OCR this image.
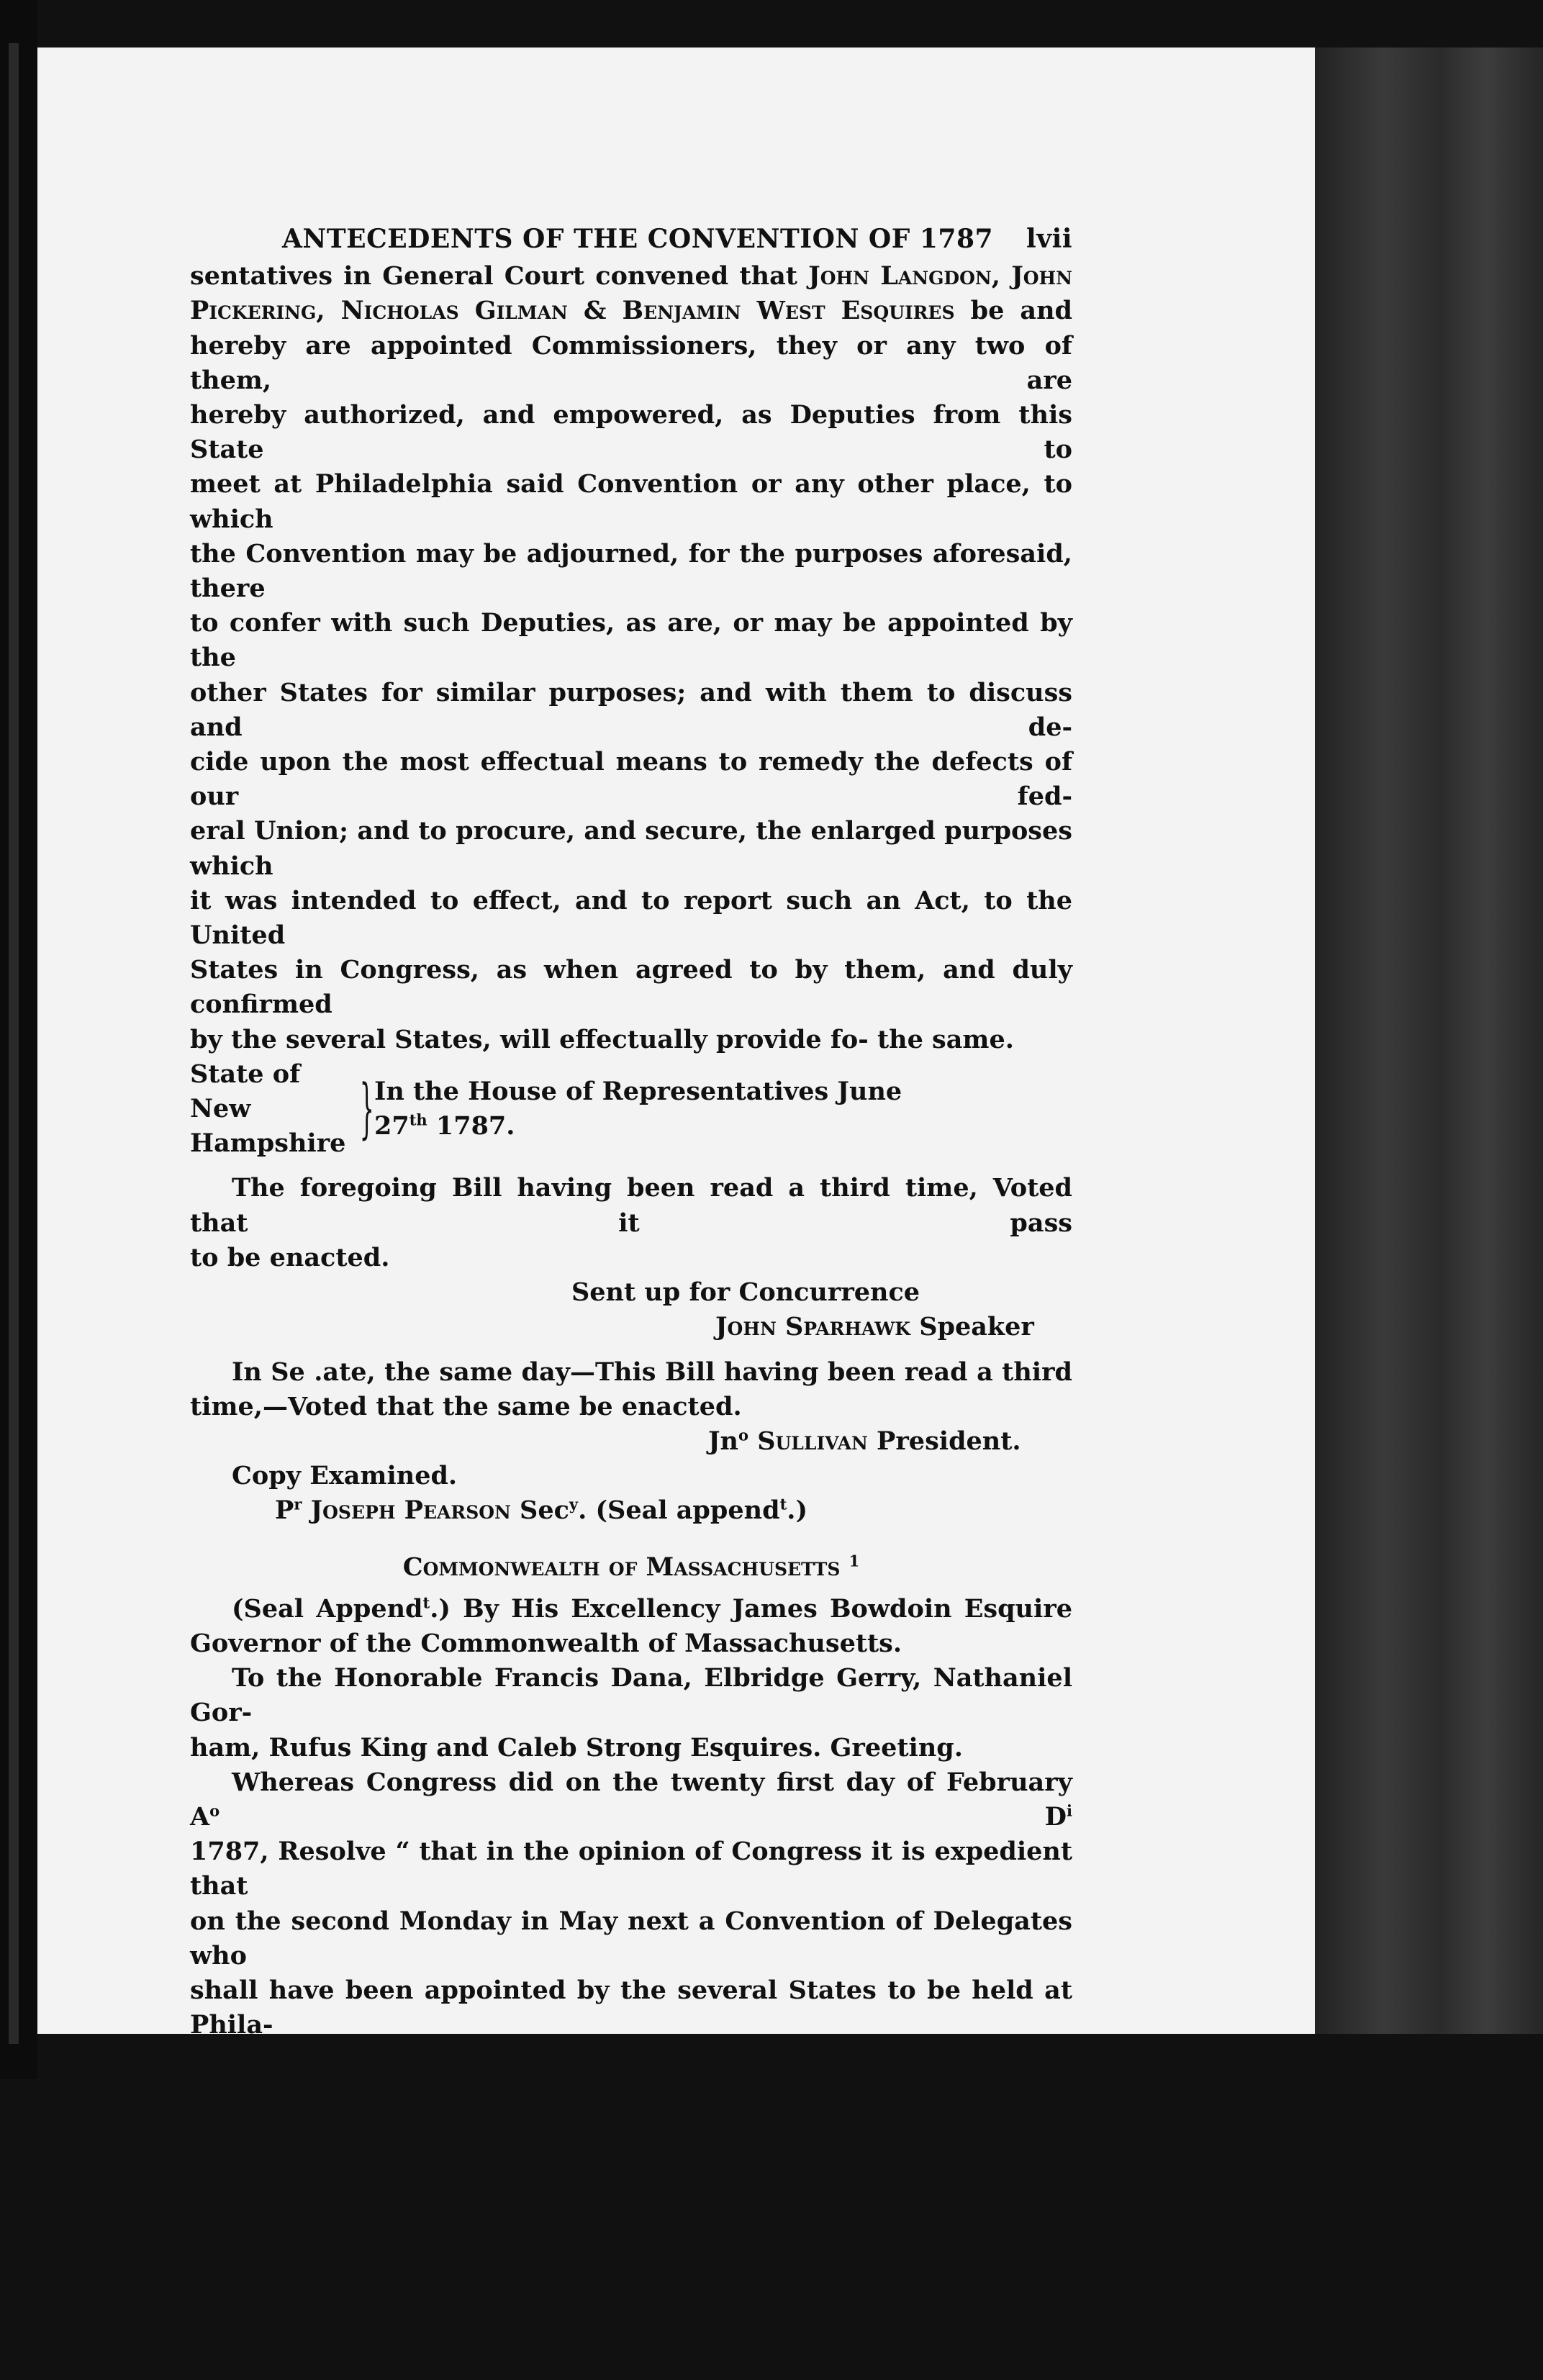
ANTECEDENTS OF THE CONVENTION OF 1787 lvii
sentatives in General Court convened that John Langdon, John
Pickering, Nicholas Gilman & Benjamin West Esquires be and
hereby are appointed Commissioners, they or any two of them, are
hereby authorized, and empowered, as Deputies from this State to
meet at Philadelphia said Convention or any other place, to which
the Convention may be adjourned, for the purposes aforesaid, there
to confer with such Deputies, as are, or may be appointed by the
other States for similar purposes; and with them to discuss and de-
cide upon the most effectual means to remedy the defects of our fed-
eral Union; and to procure, and secure, the enlarged purposes which
it was intended to effect, and to report such an Act, to the United
States in Congress, as when agreed to by them, and duly confirmed
by the several States, will effectually provide fo- the same.
State of New
Hampshire } In the House of Representatives June
27th 1787.
The foregoing Bill having been read a third time, Voted that it pass
to be enacted.
Sent up for Concurrence
John Sparhawk Speaker
In Se .ate, the same day—This Bill having been read a third
time,—Voted that the same be enacted.
Jn$^o$ Sullivan President.
Copy Examined.
$P^r$ Joseph Pearson Sec$^y$. (Seal append$^t$.)
Commonwealth of Massachusetts $^1$
(Seal Append$^t$.) By His Excellency James Bowdoin Esquire
Governor of the Commonwealth of Massachusetts.
To the Honorable Francis Dana, Elbridge Gerry, Nathaniel Gor-
ham, Rufus King and Caleb Strong Esquires. Greeting.
Whereas Congress did on the twenty first day of February $A^o$ $D^i$
1787, Resolve “ that in the opinion of Congress it is expedient that
on the second Monday in May next a Convention of Delegates who
shall have been appointed by the several States to be held at Phila-
delphia for the sole and express purpose of revising the Articles of
Confederation and reporting to Congress and the several Legislatures,
such alterations and provisions therein as shall when agreed to in
Congress, and confirmed by the States render the federal Constitu-
$^1$Reprinted from Documentary History of the Constitution, Vol. I (1894),
pp. 11-12.
